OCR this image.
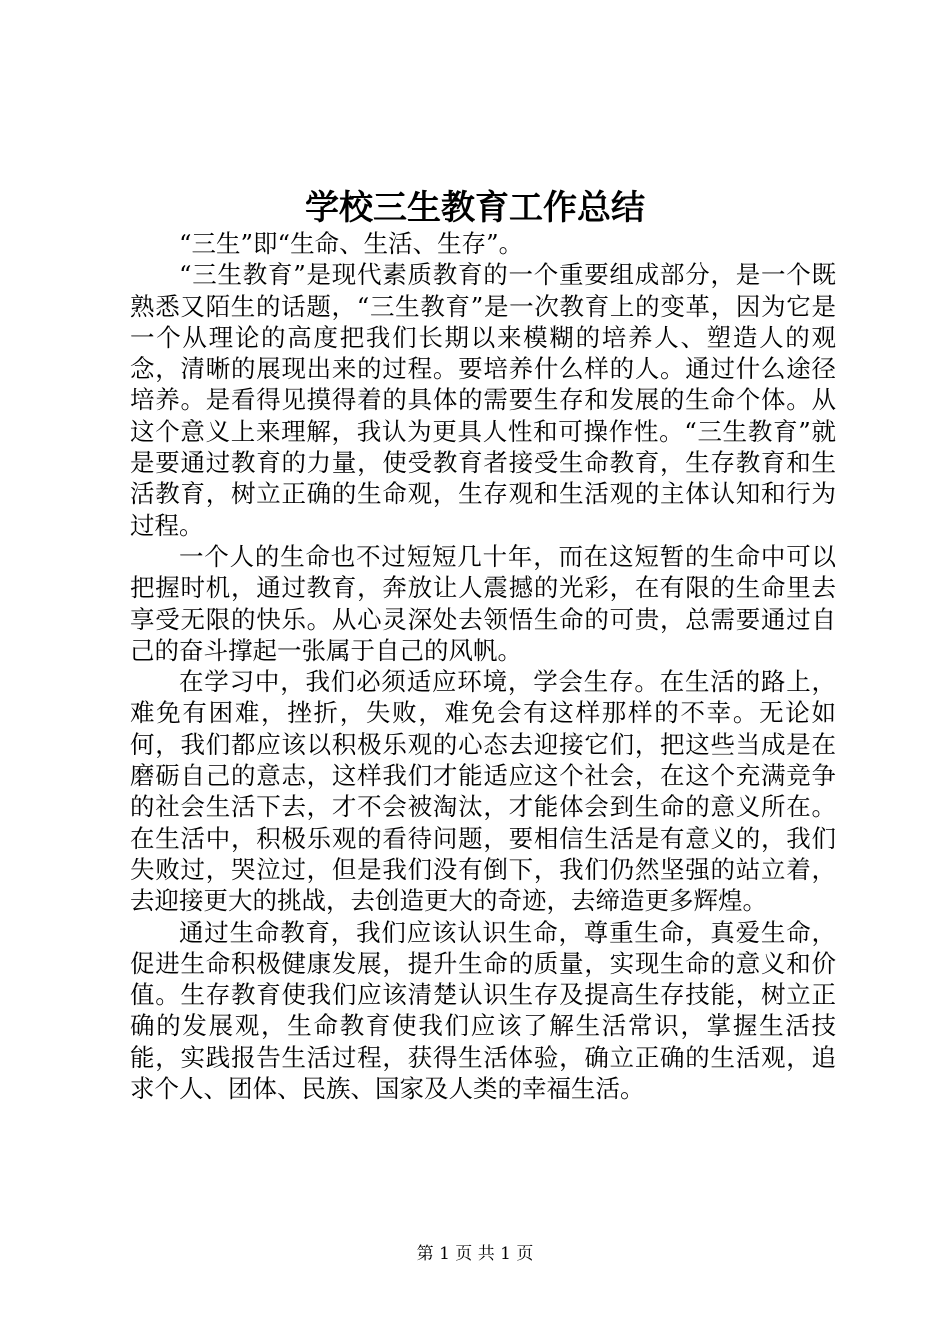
学校三生教育工作总结

“三生”即“生命、生活、生存”。

“三生教育”是现代素质教育的一个重要组成部分，是一个既熟悉又陌生的话题，“三生教育”是一次教育上的变革，因为它是一个从理论的高度把我们长期以来模糊的培养人、塑造人的观念，清晰的展现出来的过程。要培养什么样的人。通过什么途径培养。是看得见摸得着的具体的需要生存和发展的生命个体。从这个意义上来理解，我认为更具人性和可操作性。“三生教育”就是要通过教育的力量，使受教育者接受生命教育，生存教育和生活教育，树立正确的生命观，生存观和生活观的主体认知和行为过程。

一个人的生命也不过短短几十年，而在这短暂的生命中可以把握时机，通过教育，奔放让人震撼的光彩，在有限的生命里去享受无限的快乐。从心灵深处去领悟生命的可贵，总需要通过自己的奋斗撑起一张属于自己的风帆。

在学习中，我们必须适应环境，学会生存。在生活的路上，难免有困难，挫折，失败，难免会有这样那样的不幸。无论如何，我们都应该以积极乐观的心态去迎接它们，把这些当成是在磨砺自己的意志，这样我们才能适应这个社会，在这个充满竞争的社会生活下去，才不会被淘汰，才能体会到生命的意义所在。在生活中，积极乐观的看待问题，要相信生活是有意义的，我们失败过，哭泣过，但是我们没有倒下，我们仍然坚强的站立着，去迎接更大的挑战，去创造更大的奇迹，去缔造更多辉煌。

通过生命教育，我们应该认识生命，尊重生命，真爱生命，促进生命积极健康发展，提升生命的质量，实现生命的意义和价值。生存教育使我们应该清楚认识生存及提高生存技能，树立正确的发展观，生命教育使我们应该了解生活常识，掌握生活技能，实践报告生活过程，获得生活体验，确立正确的生活观，追求个人、团体、民族、国家及人类的幸福生活。

第 1 页 共 1 页
